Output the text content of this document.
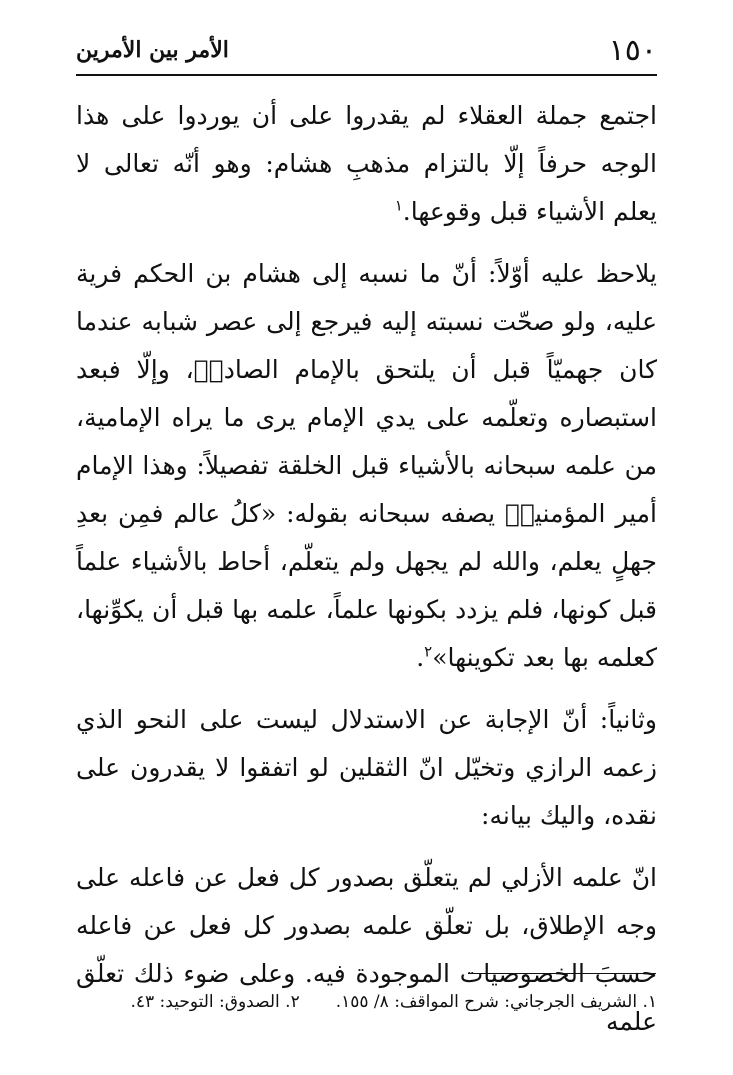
١٥٠
الأمر بين الأمرين

اجتمع جملة العقلاء لم يقدروا على أن يوردوا على هذا الوجه حرفاً إلّا بالتزام مذهبِ هشام: وهو أنّه تعالى لا يعلم الأشياء قبل وقوعها.$^١$

يلاحظ عليه أوّلاً: أنّ ما نسبه إلى هشام بن الحكم فرية عليه، ولو صحّت نسبته إليه فيرجع إلى عصر شبابه عندما كان جهميّاً قبل أن يلتحق بالإمام الصادقؑ، وإلّا فبعد استبصاره وتعلّمه على يدي الإمام يرى ما يراه الإمامية، من علمه سبحانه بالأشياء قبل الخلقة تفصيلاً: وهذا الإمام أمير المؤمنينؑ يصفه سبحانه بقوله: «كلُ عالم فمِن بعدِ جهلٍ يعلم، والله لم يجهل ولم يتعلّم، أحاط بالأشياء علماً قبل كونها، فلم يزدد بكونها علماً، علمه بها قبل أن يكوِّنها، كعلمه بها بعد تكوينها»$^٢$.

وثانياً: أنّ الإجابة عن الاستدلال ليست على النحو الذي زعمه الرازي وتخيّل انّ الثقلين لو اتفقوا لا يقدرون على نقده، واليك بيانه:

انّ علمه الأزلي لم يتعلّق بصدور كل فعل عن فاعله على وجه الإطلاق، بل تعلّق علمه بصدور كل فعل عن فاعله حسبَ الخصوصيات الموجودة فيه. وعلى ضوء ذلك تعلّق علمه

١. الشريف الجرجاني: شرح المواقف: ٨/ ١٥٥.
٢. الصدوق: التوحيد: ٤٣.
